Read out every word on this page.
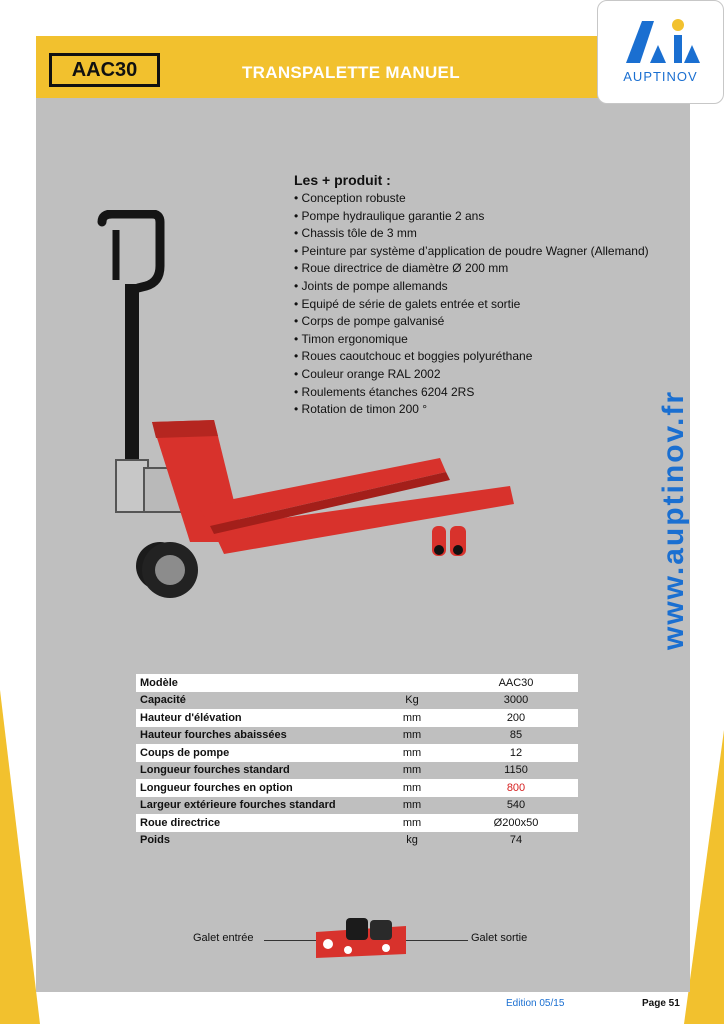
AAC30	TRANSPALETTE MANUEL
Les + produit :
• Conception robuste
• Pompe hydraulique garantie 2 ans
• Chassis tôle de 3 mm
• Peinture par système d’application de poudre Wagner (Allemand)
• Roue directrice de diamètre Ø 200 mm
• Joints de pompe allemands
• Equipé de série de galets entrée et sortie
• Corps de pompe galvanisé
• Timon ergonomique
• Roues caoutchouc et boggies polyuréthane
• Couleur orange RAL 2002
• Roulements étanches 6204 2RS
• Rotation de timon 200 °
AUPTINOV
www.auptinov.fr
Modèle		AAC30
Capacité	Kg	3000
Hauteur d'élévation	mm	200
Hauteur fourches abaissées	mm	85
Coups de pompe	mm	12
Longueur fourches standard	mm	1150
Longueur fourches en option	mm	800
Largeur extérieure fourches standard	mm	540
Roue directrice	mm	Ø200x50
Poids	kg	74
Galet entrée	Galet sortie
Edition 05/15	Page 51
